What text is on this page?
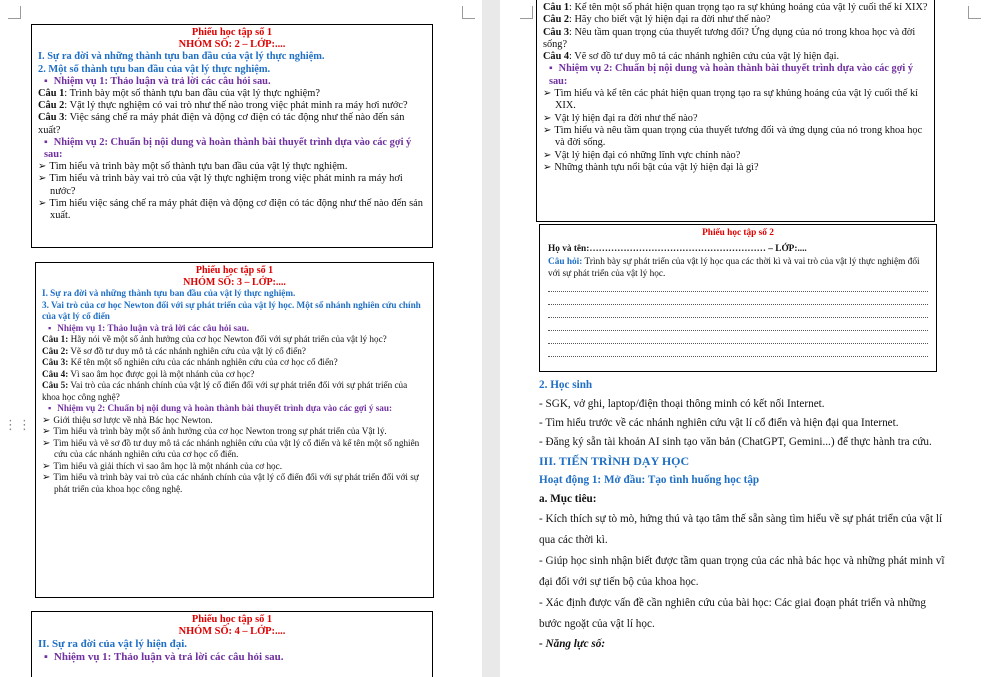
⋮⋮

Phiếu học tập số 1

NHÓM SỐ: 2 – LỚP:....

I. Sự ra đời và những thành tựu ban đầu của vật lý thực nghiệm.

2. Một số thành tựu ban đầu của vật lý thực nghiệm.

▪ Nhiệm vụ 1: Thảo luận và trả lời các câu hỏi sau.

Câu 1: Trình bày một số thành tựu ban đầu của vật lý thực nghiệm?

Câu 2: Vật lý thực nghiệm có vai trò như thế nào trong việc phát minh ra máy hơi nước?

Câu 3: Việc sáng chế ra máy phát điện và động cơ điện có tác động như thế nào đến sản xuất?

▪ Nhiệm vụ 2: Chuẩn bị nội dung và hoàn thành bài thuyết trình dựa vào các gợi ý sau:

➢ Tìm hiểu và trình bày một số thành tựu ban đầu của vật lý thực nghiệm.

➢ Tìm hiểu và trình bày vai trò của vật lý thực nghiệm trong việc phát minh ra máy hơi nước?

➢ Tìm hiểu việc sáng chế ra máy phát điện và động cơ điện có tác động như thế nào đến sản xuất.

Phiếu học tập số 1

NHÓM SỐ: 3 – LỚP:....

I. Sự ra đời và những thành tựu ban đầu của vật lý thực nghiệm.

3. Vai trò của cơ học Newton đối với sự phát triển của vật lý học. Một số nhánh nghiên cứu chính của vật lý cổ điển

▪ Nhiệm vụ 1: Thảo luận và trả lời các câu hỏi sau.

Câu 1: Hãy nói về một số ảnh hưởng của cơ học Newton đối với sự phát triển của vật lý học?

Câu 2: Vẽ sơ đồ tư duy mô tả các nhánh nghiên cứu của vật lý cổ điển?

Câu 3: Kể tên một số nghiên cứu của các nhánh nghiên cứu của cơ học cổ điển?

Câu 4: Vì sao âm học được gọi là một nhánh của cơ học?

Câu 5: Vai trò của các nhánh chính của vật lý cổ điển đối với sự phát triển đối với sự phát triển của khoa học công nghệ?

▪ Nhiệm vụ 2: Chuẩn bị nội dung và hoàn thành bài thuyết trình dựa vào các gợi ý sau:

➢ Giới thiệu sơ lược về nhà Bác học Newton.

➢ Tìm hiểu và trình bày một số ảnh hưởng của cơ học Newton trong sự phát triển của Vật lý.

➢ Tìm hiểu và vẽ sơ đồ tư duy mô tả các nhánh nghiên cứu của vật lý cổ điển và kể tên một số nghiên cứu của các nhánh nghiên cứu của cơ học cổ điển.

➢ Tìm hiểu và giải thích vì sao âm học là một nhánh của cơ học.

➢ Tìm hiểu và trình bày vai trò của các nhánh chính của vật lý cổ điển đối với sự phát triển đối với sự phát triển của khoa học công nghệ.

Phiếu học tập số 1

NHÓM SỐ: 4 – LỚP:....

II. Sự ra đời của vật lý hiện đại.

▪ Nhiệm vụ 1: Thảo luận và trả lời các câu hỏi sau.

Câu 1: Kể tên một số phát hiện quan trọng tạo ra sự khủng hoảng của vật lý cuối thế kỉ XIX?

Câu 2: Hãy cho biết vật lý hiện đại ra đời như thế nào?

Câu 3: Nêu tầm quan trọng của thuyết tương đối? Ứng dụng của nó trong khoa học và đời sống?

Câu 4: Vẽ sơ đồ tư duy mô tả các nhánh nghiên cứu của vật lý hiện đại.

▪ Nhiệm vụ 2: Chuẩn bị nội dung và hoàn thành bài thuyết trình dựa vào các gợi ý sau:

➢ Tìm hiểu và kể tên các phát hiện quan trọng tạo ra sự khủng hoảng của vật lý cuối thế kỉ XIX.

➢ Vật lý hiện đại ra đời như thế nào?

➢ Tìm hiểu và nêu tầm quan trọng của thuyết tương đối và ứng dụng của nó trong khoa học và đời sống.

➢ Vật lý hiện đại có những lĩnh vực chính nào?

➢ Những thành tựu nổi bật của vật lý hiện đại là gì?

Phiếu học tập số 2

Họ và tên:………………………………………………… – LỚP:....

Câu hỏi: Trình bày sự phát triển của vật lý học qua các thời kì và vai trò của vật lý thực nghiệm đối với sự phát triển của vật lý học.

2. Học sinh

- SGK, vở ghi, laptop/điện thoại thông minh có kết nối Internet.

- Tìm hiểu trước về các nhánh nghiên cứu vật lí cổ điển và hiện đại qua Internet.

- Đăng ký sẵn tài khoản AI sinh tạo văn bản (ChatGPT, Gemini...) để thực hành tra cứu.

III. TIẾN TRÌNH DẠY HỌC

Hoạt động 1: Mở đầu: Tạo tình huống học tập

a. Mục tiêu:

- Kích thích sự tò mò, hứng thú và tạo tâm thế sẵn sàng tìm hiểu về sự phát triển của vật lí qua các thời kì.

- Giúp học sinh nhận biết được tầm quan trọng của các nhà bác học và những phát minh vĩ đại đối với sự tiến bộ của khoa học.

- Xác định được vấn đề cần nghiên cứu của bài học: Các giai đoạn phát triển và những bước ngoặt của vật lí học.

- Năng lực số:
